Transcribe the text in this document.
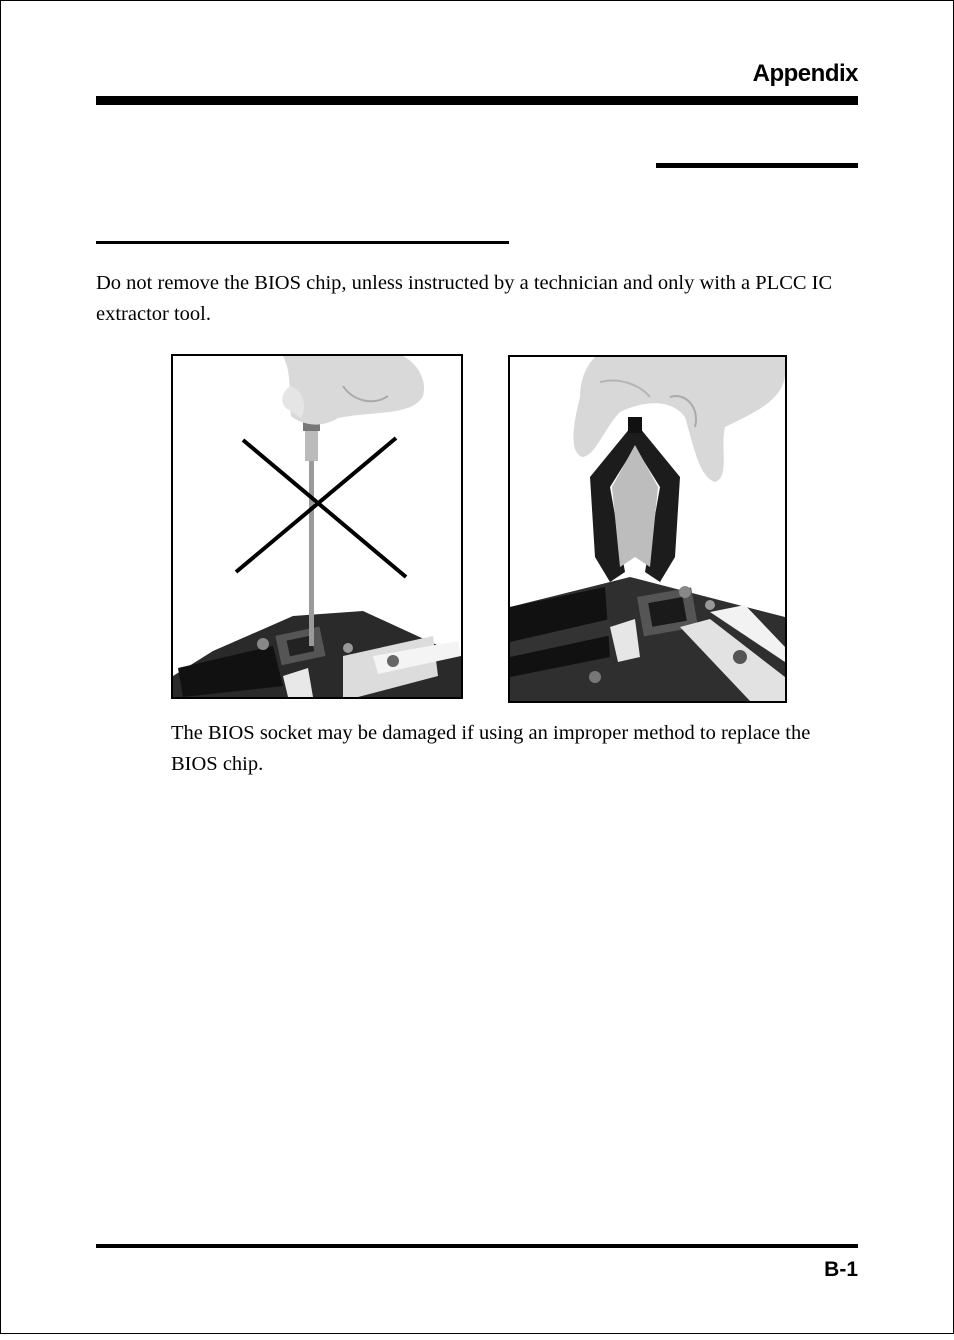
Appendix
Do not remove the BIOS chip, unless instructed by a technician and only with a PLCC IC extractor tool.
The BIOS socket may be damaged if using an improper method to replace the BIOS chip.
B-1
